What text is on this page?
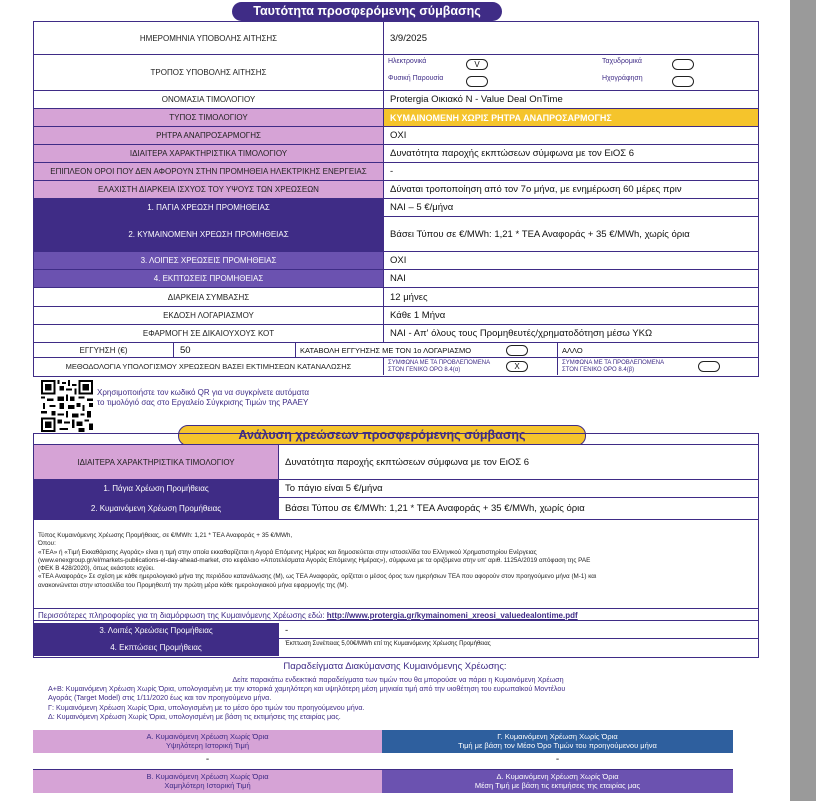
Ταυτότητα προσφερόμενης σύμβασης
ΗΜΕΡΟΜΗΝΙΑ ΥΠΟΒΟΛΗΣ ΑΙΤΗΣΗΣ	3/9/2025
ΤΡΟΠΟΣ ΥΠΟΒΟΛΗΣ ΑΙΤΗΣΗΣ
Ηλεκτρονικά	V	Ταχυδρομικά
Φυσική Παρουσία	Ηχογράφηση
ΟΝΟΜΑΣΙΑ ΤΙΜΟΛΟΓΙΟΥ	Protergia Οικιακό Ν - Value Deal OnTime
ΤΥΠΟΣ ΤΙΜΟΛΟΓΙΟΥ	ΚΥΜΑΙΝΟΜΕΝΗ ΧΩΡΙΣ ΡΗΤΡΑ ΑΝΑΠΡΟΣΑΡΜΟΓΗΣ
ΡΗΤΡΑ ΑΝΑΠΡΟΣΑΡΜΟΓΗΣ	ΟΧΙ
ΙΔΙΑΙΤΕΡΑ ΧΑΡΑΚΤΗΡΙΣΤΙΚΑ ΤΙΜΟΛΟΓΙΟΥ	Δυνατότητα παροχής εκπτώσεων σύμφωνα με τον ΕιΟΣ 6
ΕΠΙΠΛΕΟΝ ΟΡΟΙ ΠΟΥ ΔΕΝ ΑΦΟΡΟΥΝ ΣΤΗΝ ΠΡΟΜΗΘΕΙΑ ΗΛΕΚΤΡΙΚΗΣ ΕΝΕΡΓΕΙΑΣ	-
ΕΛΑΧΙΣΤΗ ΔΙΑΡΚΕΙΑ ΙΣΧΥΟΣ ΤΟΥ ΥΨΟΥΣ ΤΩΝ ΧΡΕΩΣΕΩΝ	Δύναται τροποποίηση από τον 7ο μήνα, με ενημέρωση 60 μέρες πριν
1. ΠΑΓΙΑ ΧΡΕΩΣΗ ΠΡΟΜΗΘΕΙΑΣ	ΝΑΙ – 5 €/μήνα
2. ΚΥΜΑΙΝΟΜΕΝΗ ΧΡΕΩΣΗ ΠΡΟΜΗΘΕΙΑΣ	Βάσει Τύπου σε €/MWh: 1,21 * ΤΕΑ Αναφοράς + 35 €/MWh, χωρίς όρια
3. ΛΟΙΠΕΣ ΧΡΕΩΣΕΙΣ ΠΡΟΜΗΘΕΙΑΣ	ΟΧΙ
4. ΕΚΠΤΩΣΕΙΣ ΠΡΟΜΗΘΕΙΑΣ	ΝΑΙ
ΔΙΑΡΚΕΙΑ ΣΥΜΒΑΣΗΣ	12 μήνες
ΕΚΔΟΣΗ ΛΟΓΑΡΙΑΣΜΟΥ	Κάθε 1 Μήνα
ΕΦΑΡΜΟΓΗ ΣΕ ΔΙΚΑΙΟΥΧΟΥΣ ΚΟΤ	ΝΑΙ - Απ' όλους τους Προμηθευτές/χρηματοδότηση μέσω ΥΚΩ
ΕΓΓΥΗΣΗ (€)	50	ΚΑΤΑΒΟΛΗ ΕΓΓΥΗΣΗΣ ΜΕ ΤΟΝ 1ο ΛΟΓΑΡΙΑΣΜΟ	ΑΛΛΟ
ΜΕΘΟΔΟΛΟΓΙΑ ΥΠΟΛΟΓΙΣΜΟΥ ΧΡΕΩΣΕΩΝ ΒΑΣΕΙ ΕΚΤΙΜΗΣΕΩΝ ΚΑΤΑΝΑΛΩΣΗΣ	ΣΥΜΦΩΝΑ ΜΕ ΤΑ ΠΡΟΒΛΕΠΟΜΕΝΑ ΣΤΟΝ ΓΕΝΙΚΟ ΟΡΟ 8.4(α)	X	ΣΥΜΦΩΝΑ ΜΕ ΤΑ ΠΡΟΒΛΕΠΟΜΕΝΑ ΣΤΟΝ ΓΕΝΙΚΟ ΟΡΟ 8.4(β)
Χρησιμοποιήστε τον κωδικό QR για να συγκρίνετε αυτόματα το τιμολόγιό σας στο Εργαλείο Σύγκρισης Τιμών της ΡΑΑΕΥ
Ανάλυση χρεώσεων προσφερόμενης σύμβασης
ΙΔΙΑΙΤΕΡΑ ΧΑΡΑΚΤΗΡΙΣΤΙΚΑ ΤΙΜΟΛΟΓΙΟΥ	Δυνατότητα παροχής εκπτώσεων σύμφωνα με τον ΕιΟΣ 6
1. Πάγια Χρέωση Προμήθειας	Το πάγιο είναι 5 €/μήνα
2. Κυμαινόμενη Χρέωση Προμήθειας	Βάσει Τύπου σε €/MWh: 1,21 * ΤΕΑ Αναφοράς + 35 €/MWh, χωρίς όρια
Τύπος Κυμαινόμενης Χρέωσης Προμήθειας, σε €/MWh: 1,21 * ΤΕΑ Αναφοράς + 35 €/MWh,
Όπου:
«ΤΕΑ» ή «Τιμή Εκκαθάρισης Αγοράς» είναι η τιμή στην οποία εκκαθαρίζεται η Αγορά Επόμενης Ημέρας και δημοσιεύεται στην ιστοσελίδα του Ελληνικού Χρηματιστηρίου Ενέργειας
(www.enexgroup.gr/el/markets-publications-el-day-ahead-market, στο κεφάλαιο «Αποτελέσματα Αγοράς Επόμενης Ημέρας»), σύμφωνα με τα οριζόμενα στην υπ' αριθ. 1125Α/2019 απόφαση της ΡΑΕ
(ΦΕΚ Β 428/2020), όπως εκάστοτε ισχύει.
«ΤΕΑ Αναφοράς» Σε σχέση με κάθε ημερολογιακό μήνα της περιόδου κατανάλωσης (Μ), ως ΤΕΑ Αναφοράς, ορίζεται ο μέσος όρος των ημερήσιων ΤΕΑ που αφορούν στον προηγούμενο μήνα (Μ-1) και
ανακοινώνεται στην ιστοσελίδα του Προμηθευτή την πρώτη μέρα κάθε ημερολογιακού μήνα εφαρμογής της (Μ).
Περισσότερες πληροφορίες για τη διαμόρφωση της Κυμαινόμενης Χρέωσης εδώ: http://www.protergia.gr/kymainomeni_xreosi_valuedealontime.pdf
3. Λοιπές Χρεώσεις Προμήθειας	-
4. Εκπτώσεις Προμήθειας	Έκπτωση Συνέπειας 5,00€/MWh επί της Κυμαινόμενης Χρέωσης Προμήθειας
Παραδείγματα Διακύμανσης Κυμαινόμενης Χρέωσης:
Δείτε παρακάτω ενδεικτικά παραδείγματα των τιμών που θα μπορούσε να πάρει η Κυμαινόμενη Χρέωση
Α+Β: Κυμαινόμενη Χρέωση Χωρίς Όρια, υπολογισμένη με την ιστορικά χαμηλότερη και υψηλότερη μέση μηνιαία τιμή από την υιοθέτηση του ευρωπαϊκού Μοντέλου
Αγοράς (Target Model) στις 1/11/2020 έως και τον προηγούμενο μήνα.
Γ: Κυμαινόμενη Χρέωση Χωρίς Όρια, υπολογισμένη με το μέσο όρο τιμών του προηγούμενου μήνα.
Δ: Κυμαινόμενη Χρέωση Χωρίς Όρια, υπολογισμένη με βάση τις εκτιμήσεις της εταιρίας μας.
Α. Κυμαινόμενη Χρέωση Χωρίς Όρια
Υψηλότερη Ιστορική Τιμή
Γ. Κυμαινόμενη Χρέωση Χωρίς Όρια
Τιμή με βάση τον Μέσο Όρο Τιμών του προηγούμενου μήνα
-	-
Β. Κυμαινόμενη Χρέωση Χωρίς Όρια
Χαμηλότερη Ιστορική Τιμή
Δ. Κυμαινόμενη Χρέωση Χωρίς Όρια
Μέση Τιμή με βάση τις εκτιμήσεις της εταιρίας μας
